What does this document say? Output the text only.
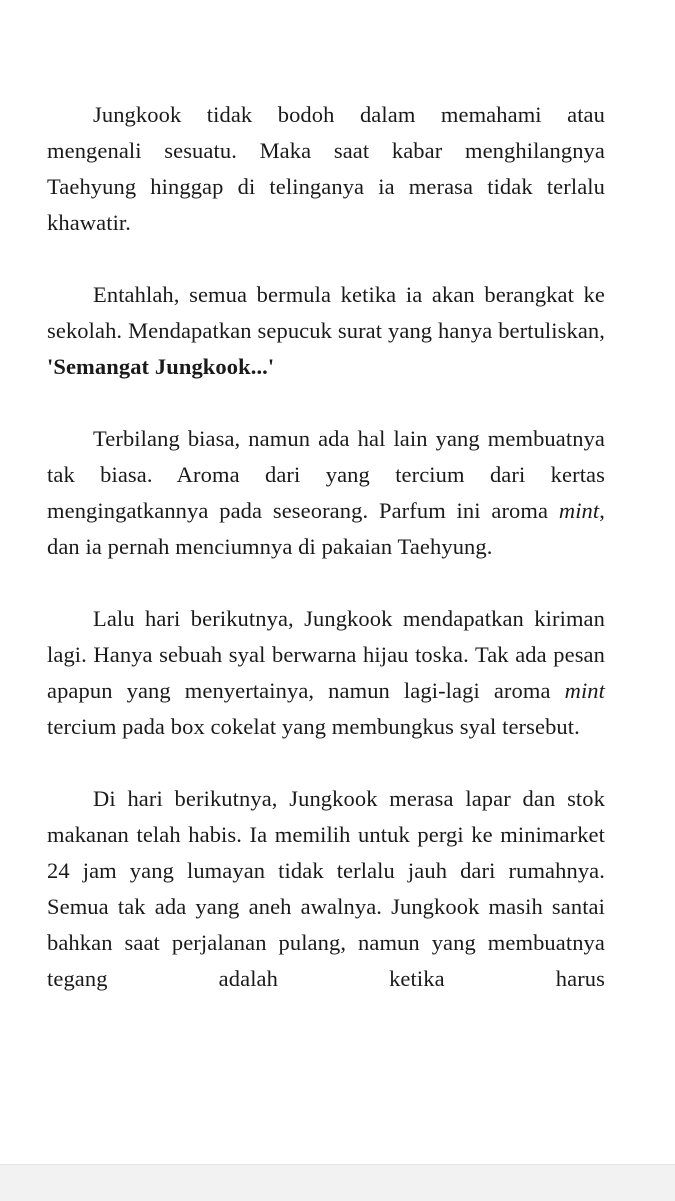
Jungkook tidak bodoh dalam memahami atau mengenali sesuatu. Maka saat kabar menghilangnya Taehyung hinggap di telinganya ia merasa tidak terlalu khawatir.

Entahlah, semua bermula ketika ia akan berangkat ke sekolah. Mendapatkan sepucuk surat yang hanya bertuliskan, 'Semangat Jungkook...'

Terbilang biasa, namun ada hal lain yang membuatnya tak biasa. Aroma dari yang tercium dari kertas mengingatkannya pada seseorang. Parfum ini aroma mint, dan ia pernah menciumnya di pakaian Taehyung.

Lalu hari berikutnya, Jungkook mendapatkan kiriman lagi. Hanya sebuah syal berwarna hijau toska. Tak ada pesan apapun yang menyertainya, namun lagi-lagi aroma mint tercium pada box cokelat yang membungkus syal tersebut.

Di hari berikutnya, Jungkook merasa lapar dan stok makanan telah habis. Ia memilih untuk pergi ke minimarket 24 jam yang lumayan tidak terlalu jauh dari rumahnya. Semua tak ada yang aneh awalnya. Jungkook masih santai bahkan saat perjalanan pulang, namun yang membuatnya tegang adalah ketika harus
